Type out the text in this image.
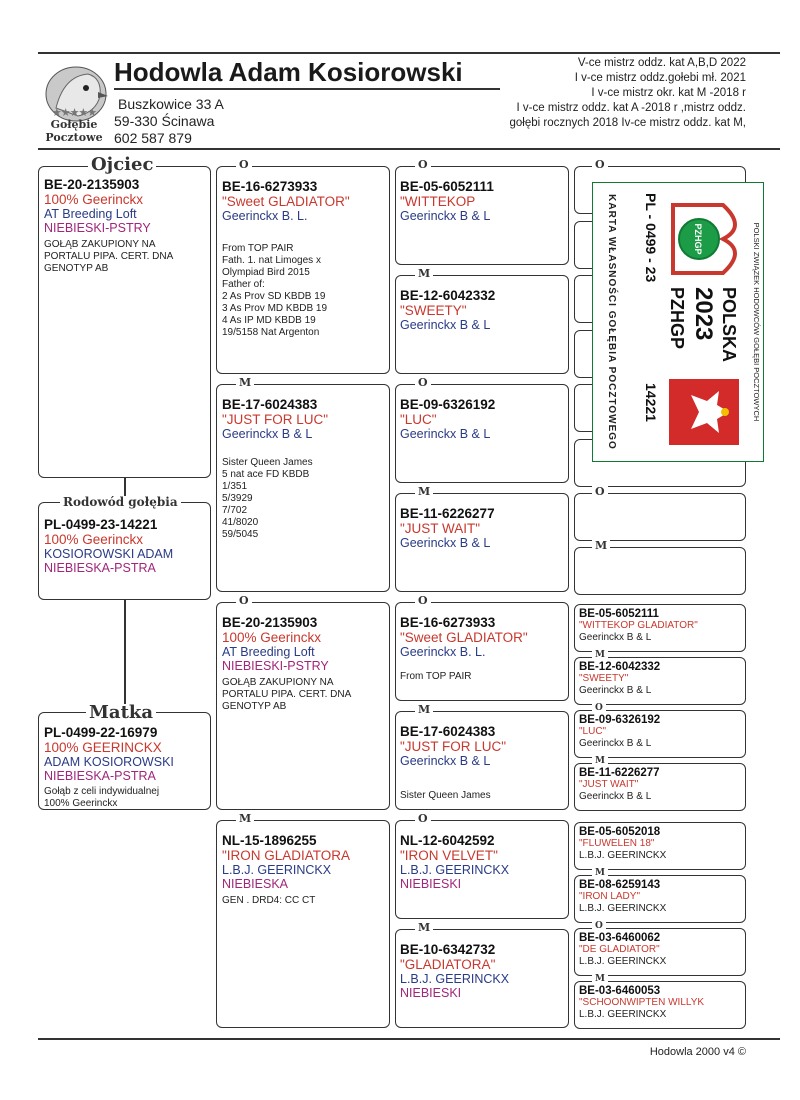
★★★★★
Gołębie
Pocztowe
Hodowla Adam Kosiorowski
Buszkowice 33 A
59-330 Ścinawa
602 587 879
V-ce mistrz oddz. kat A,B,D 2022
I v-ce mistrz oddz.gołebi mł. 2021
I v-ce mistrz okr. kat M -2018 r
I v-ce mistrz oddz. kat A -2018 r ,mistrz oddz.
gołębi rocznych 2018 Iv-ce mistrz oddz. kat M,
BE-20-2135903
100% Geerinckx
AT Breeding Loft
NIEBIESKI-PSTRY
GOŁĄB ZAKUPIONY NA
PORTALU PIPA. CERT. DNA
GENOTYP AB
Ojciec
PL-0499-23-14221
100% Geerinckx
KOSIOROWSKI ADAM
NIEBIESKA-PSTRA
Rodowód gołębia
PL-0499-22-16979
100% GEERINCKX
ADAM KOSIOROWSKI
NIEBIESKA-PSTRA
Gołąb z celi indywidualnej
100% Geerinckx
Matka
BE-16-6273933
"Sweet GLADIATOR"
Geerinckx B. L.
From TOP PAIR
Fath. 1. nat Limoges x
Olympiad Bird 2015
Father of:
2 As Prov SD KBDB 19
3 As Prov MD KBDB 19
4 As IP MD KBDB 19
19/5158 Nat Argenton
O
BE-17-6024383
"JUST FOR LUC"
Geerinckx B & L
Sister Queen James
5 nat ace FD KBDB
1/351
5/3929
7/702
41/8020
59/5045
M
BE-20-2135903
100% Geerinckx
AT Breeding Loft
NIEBIESKI-PSTRY
GOŁĄB ZAKUPIONY NA
PORTALU PIPA. CERT. DNA
GENOTYP AB
O
NL-15-1896255
"IRON GLADIATORA
L.B.J. GEERINCKX
NIEBIESKA
GEN . DRD4: CC CT
M
BE-05-6052111
"WITTEKOP
Geerinckx B & L
O
BE-12-6042332
"SWEETY"
Geerinckx B & L
M
BE-09-6326192
"LUC"
Geerinckx B & L
O
BE-11-6226277
"JUST WAIT"
Geerinckx B & L
M
BE-16-6273933
"Sweet GLADIATOR"
Geerinckx B. L.
From TOP PAIR
O
BE-17-6024383
"JUST FOR LUC"
Geerinckx B & L
Sister Queen James
M
NL-12-6042592
"IRON VELVET"
L.B.J. GEERINCKX
NIEBIESKI
O
BE-10-6342732
"GLADIATORA"
L.B.J. GEERINCKX
NIEBIESKI
M
O
O
M
BE-05-6052111
"WITTEKOP GLADIATOR"
Geerinckx B & L
BE-12-6042332
"SWEETY"
Geerinckx B & L
M
BE-09-6326192
"LUC"
Geerinckx B & L
O
BE-11-6226277
"JUST WAIT"
Geerinckx B & L
M
BE-05-6052018
"FLUWELEN 18"
L.B.J. GEERINCKX
BE-08-6259143
"IRON LADY"
L.B.J. GEERINCKX
M
BE-03-6460062
"DE GLADIATOR"
L.B.J. GEERINCKX
O
BE-03-6460053
"SCHOONWIPTEN WILLYK
L.B.J. GEERINCKX
M
POLSKI ZWIĄZEK HODOWCÓW GOŁĘBI POCZTOWYCH
PZHGP
POLSKA
2023
PZHGP
PL - 0499 - 23
14221
KARTA WŁASNOŚCI GOŁĘBIA POCZTOWEGO
Hodowla 2000 v4 ©
